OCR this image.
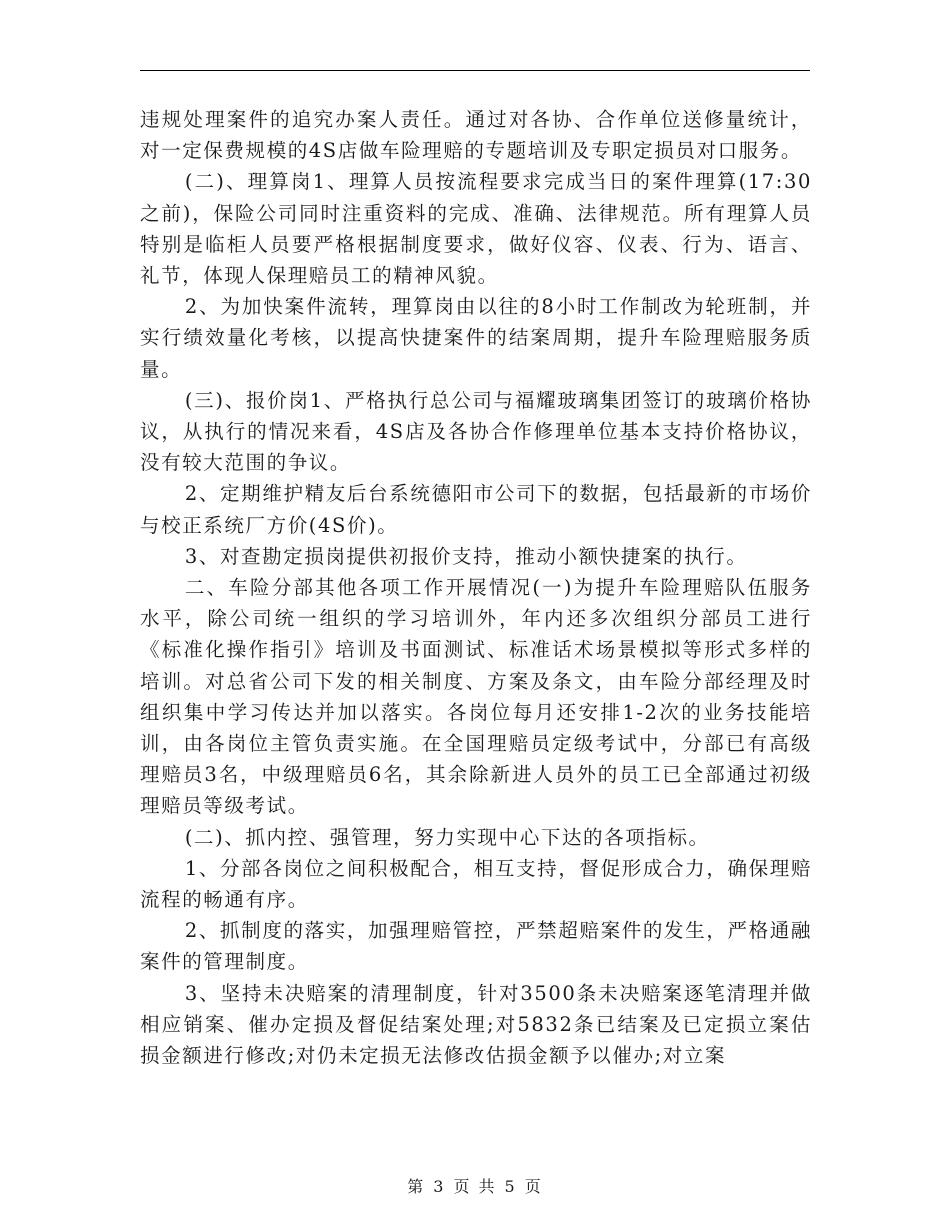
违规处理案件的追究办案人责任。通过对各协、合作单位送修量统计，对一定保费规模的4S店做车险理赔的专题培训及专职定损员对口服务。

(二)、理算岗1、理算人员按流程要求完成当日的案件理算(17:30之前)，保险公司同时注重资料的完成、准确、法律规范。所有理算人员特别是临柜人员要严格根据制度要求，做好仪容、仪表、行为、语言、礼节，体现人保理赔员工的精神风貌。

2、为加快案件流转，理算岗由以往的8小时工作制改为轮班制，并实行绩效量化考核，以提高快捷案件的结案周期，提升车险理赔服务质量。

(三)、报价岗1、严格执行总公司与福耀玻璃集团签订的玻璃价格协议，从执行的情况来看，4S店及各协合作修理单位基本支持价格协议，没有较大范围的争议。

2、定期维护精友后台系统德阳市公司下的数据，包括最新的市场价与校正系统厂方价(4S价)。

3、对查勘定损岗提供初报价支持，推动小额快捷案的执行。

二、车险分部其他各项工作开展情况(一)为提升车险理赔队伍服务水平，除公司统一组织的学习培训外，年内还多次组织分部员工进行《标准化操作指引》培训及书面测试、标准话术场景模拟等形式多样的培训。对总省公司下发的相关制度、方案及条文，由车险分部经理及时组织集中学习传达并加以落实。各岗位每月还安排1-2次的业务技能培训，由各岗位主管负责实施。在全国理赔员定级考试中，分部已有高级理赔员3名，中级理赔员6名，其余除新进人员外的员工已全部通过初级理赔员等级考试。

(二)、抓内控、强管理，努力实现中心下达的各项指标。

1、分部各岗位之间积极配合，相互支持，督促形成合力，确保理赔流程的畅通有序。

2、抓制度的落实，加强理赔管控，严禁超赔案件的发生，严格通融案件的管理制度。

3、坚持未决赔案的清理制度，针对3500条未决赔案逐笔清理并做相应销案、催办定损及督促结案处理;对5832条已结案及已定损立案估损金额进行修改;对仍未定损无法修改估损金额予以催办;对立案

第 3 页 共 5 页
